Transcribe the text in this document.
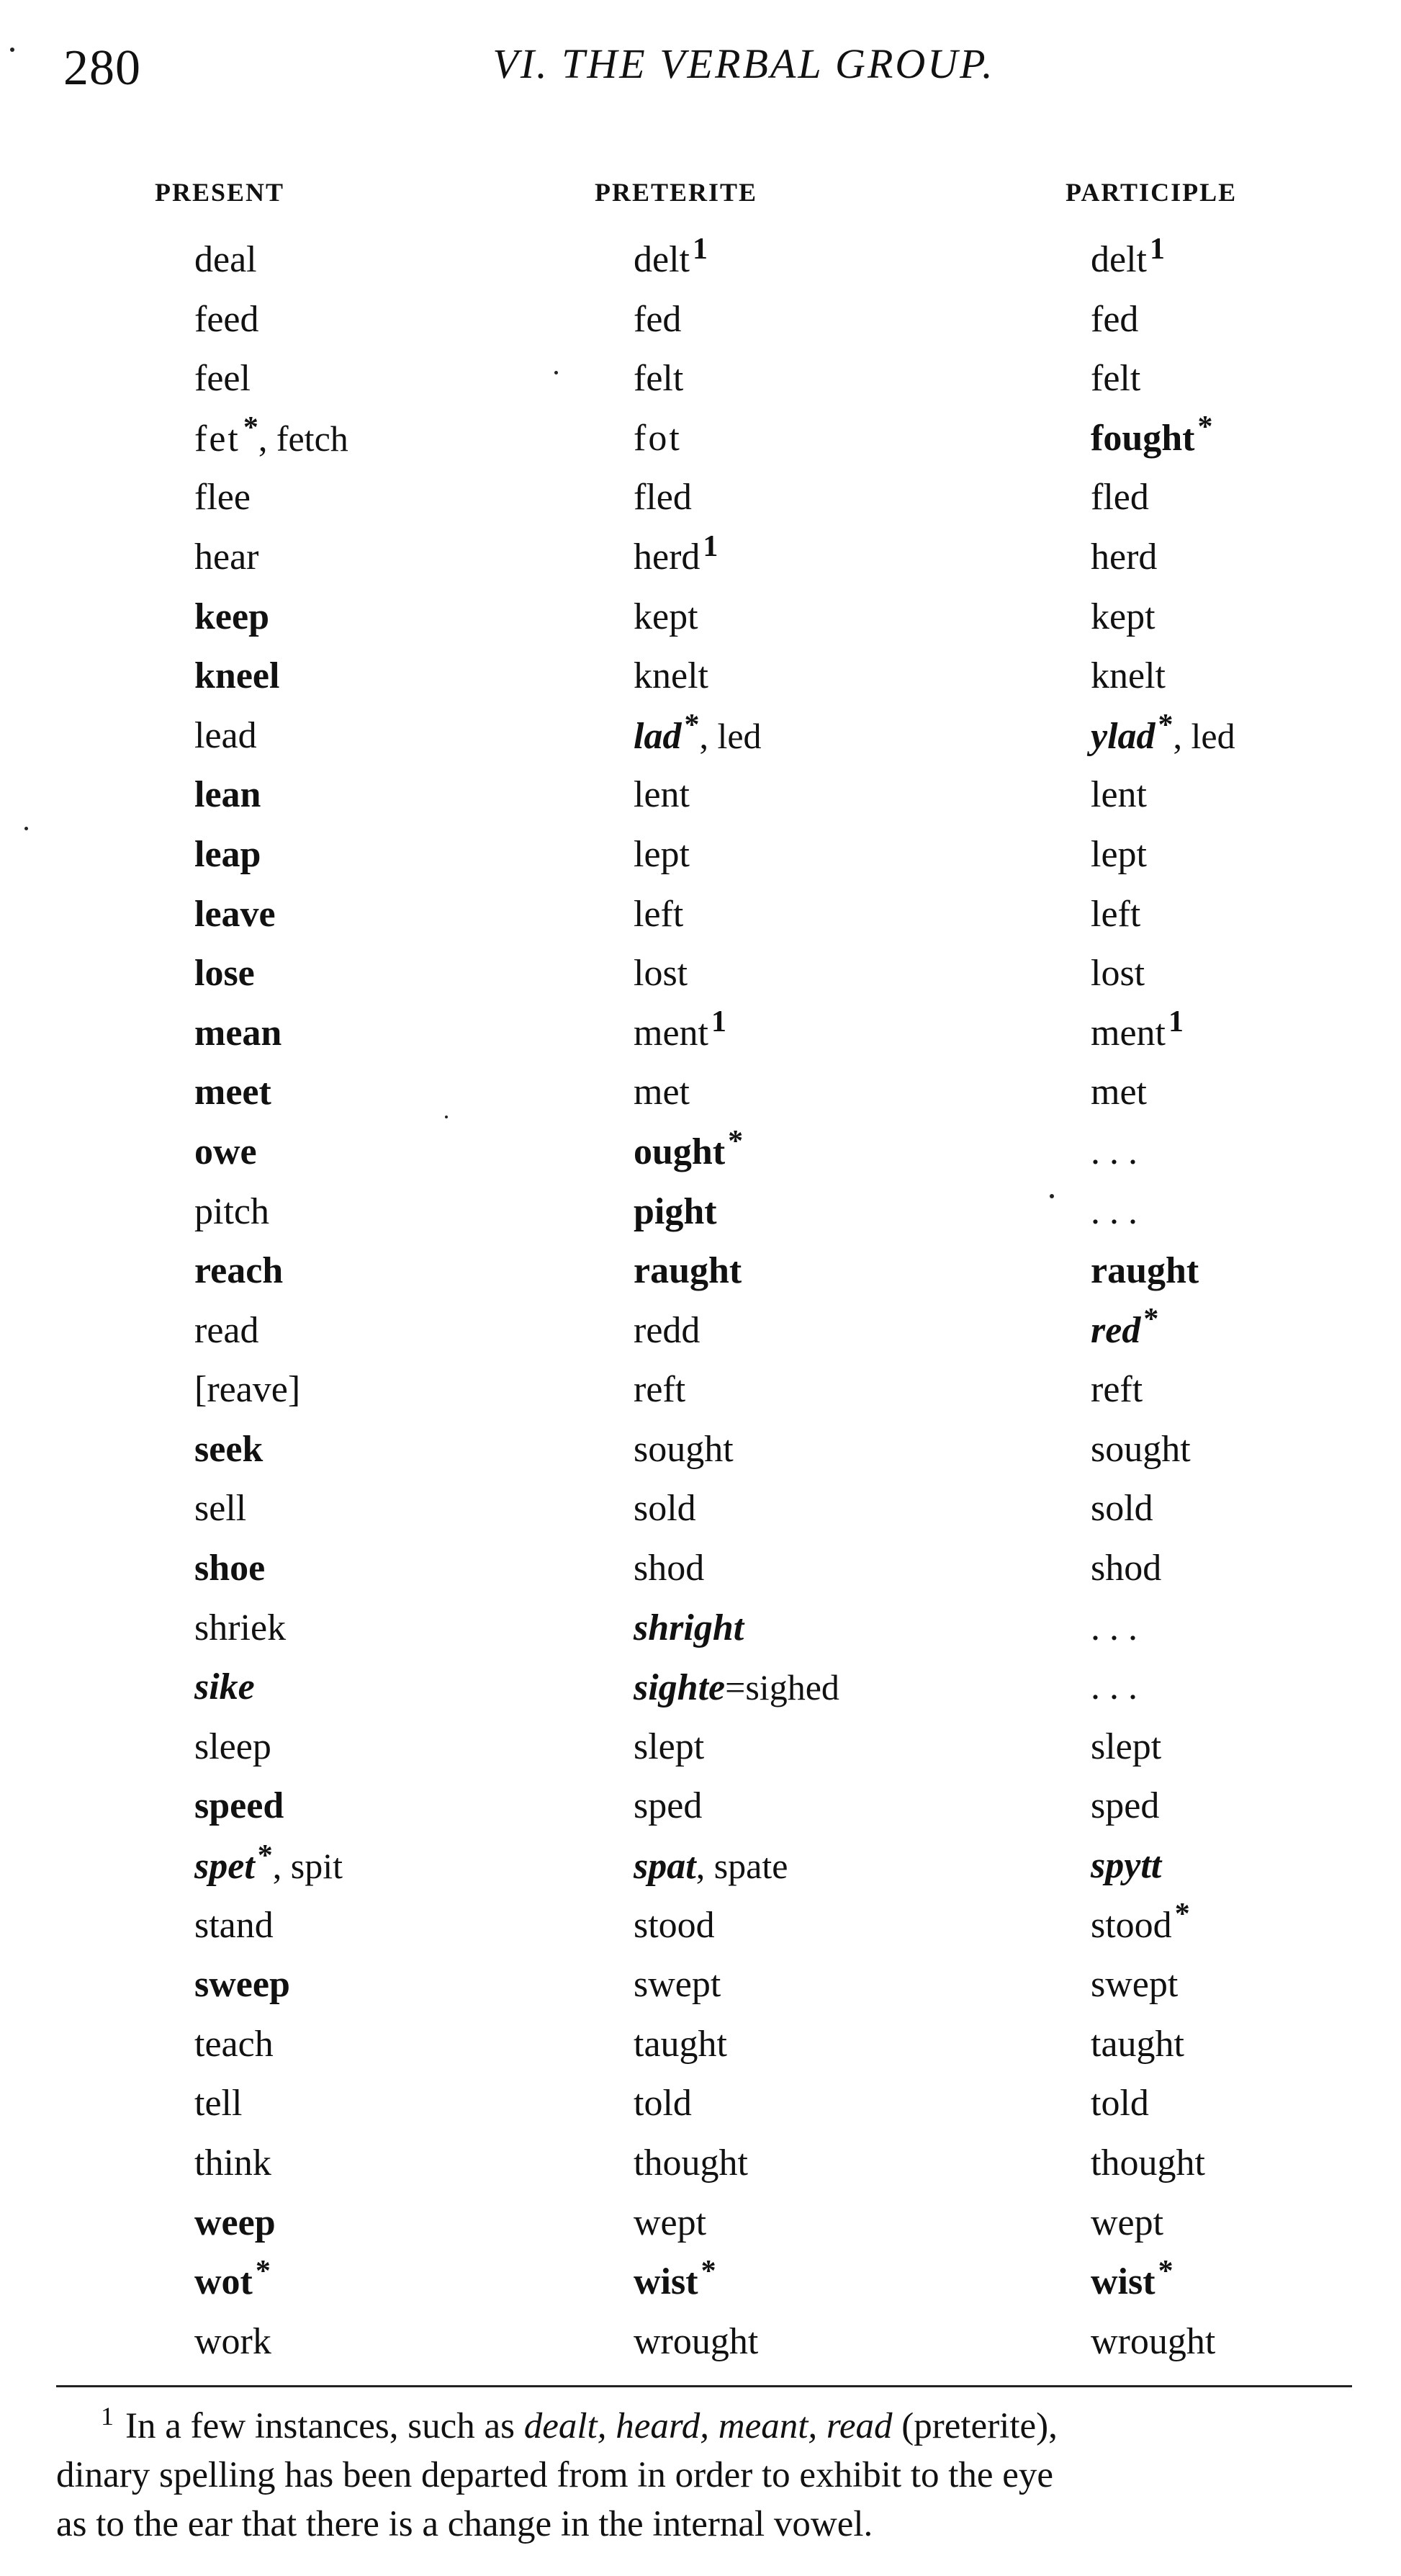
280	VI. THE VERBAL GROUP.
PRESENT	PRETERITE	PARTICIPLE
deal	delt$^1$	delt$^1$
feed	fed	fed
feel	felt	felt
fet*, fetch	fot	fought*
flee	fled	fled
hear	herd$^1$	herd
keep	kept	kept
kneel	knelt	knelt
lead	lad*, led	ylad*, led
lean	lent	lent
leap	lept	lept
leave	left	left
lose	lost	lost
mean	ment$^1$	ment$^1$
meet	met	met
owe	ought*	. . .
pitch	pight	. . .
reach	raught	raught
read	redd	red*
[reave]	reft	reft
seek	sought	sought
sell	sold	sold
shoe	shod	shod
shriek	shright	. . .
sike	sighte=sighed	. . .
sleep	slept	slept
speed	sped	sped
spet*, spit	spat, spate	spytt
stand	stood	stood*
sweep	swept	swept
teach	taught	taught
tell	told	told
think	thought	thought
weep	wept	wept
wot*	wist*	wist*
work	wrought	wrought

$^1$ In a few instances, such as dealt, heard, meant, read (preterite),

dinary spelling has been departed from in order to exhibit to the eye

as to the ear that there is a change in the internal vowel.
